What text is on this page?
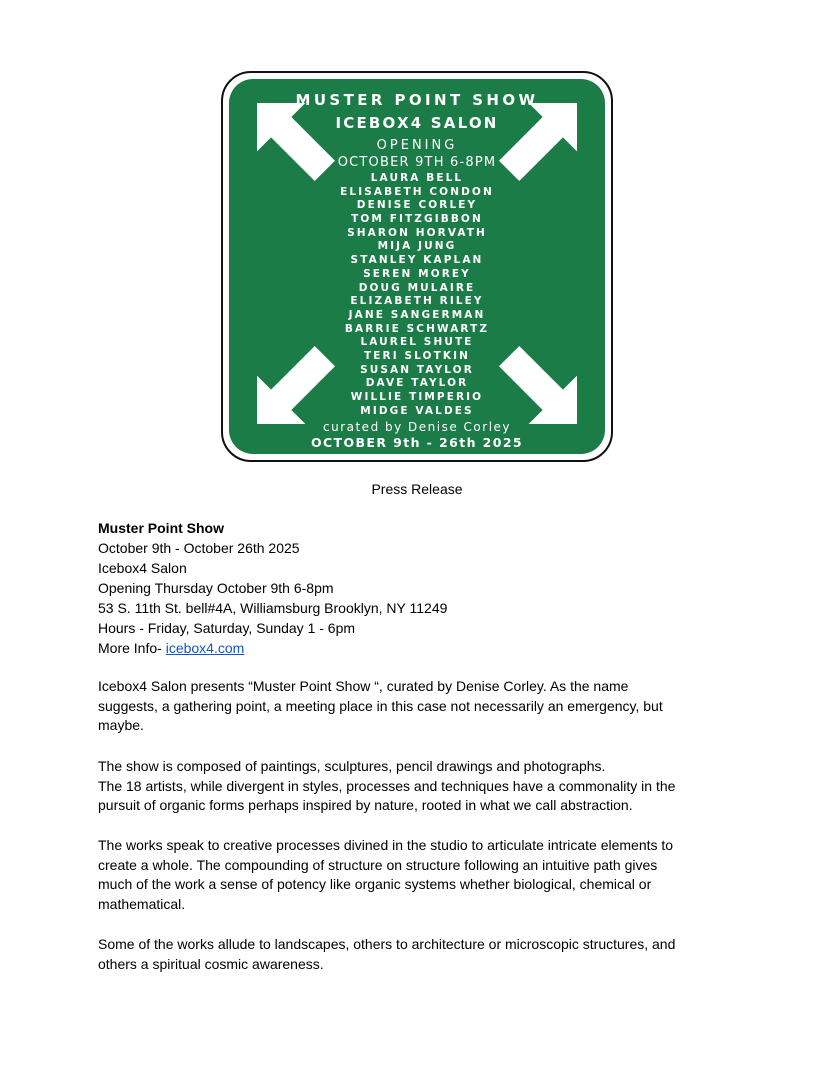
MUSTER POINT SHOW
ICEBOX4 SALON
OPENING
OCTOBER 9TH 6-8PM
LAURA BELL
ELISABETH CONDON
DENISE CORLEY
TOM FITZGIBBON
SHARON HORVATH
MIJA JUNG
STANLEY KAPLAN
SEREN MOREY
DOUG MULAIRE
ELIZABETH RILEY
JANE SANGERMAN
BARRIE SCHWARTZ
LAUREL SHUTE
TERI SLOTKIN
SUSAN TAYLOR
DAVE TAYLOR
WILLIE TIMPERIO
MIDGE VALDES
curated by Denise Corley
OCTOBER 9th - 26th 2025
Press Release
Muster Point Show
October 9th - October 26th 2025
Icebox4 Salon
Opening Thursday October 9th 6-8pm
53 S. 11th St. bell#4A, Williamsburg Brooklyn, NY 11249
Hours - Friday, Saturday, Sunday 1 - 6pm
More Info- icebox4.com

Icebox4 Salon presents “Muster Point Show “, curated by Denise Corley. As the name
suggests, a gathering point, a meeting place in this case not necessarily an emergency, but
maybe.

The show is composed of paintings, sculptures, pencil drawings and photographs.
The 18 artists, while divergent in styles, processes and techniques have a commonality in the
pursuit of organic forms perhaps inspired by nature, rooted in what we call abstraction.

The works speak to creative processes divined in the studio to articulate intricate elements to
create a whole. The compounding of structure on structure following an intuitive path gives
much of the work a sense of potency like organic systems whether biological, chemical or
mathematical.

Some of the works allude to landscapes, others to architecture or microscopic structures, and
others a spiritual cosmic awareness.
